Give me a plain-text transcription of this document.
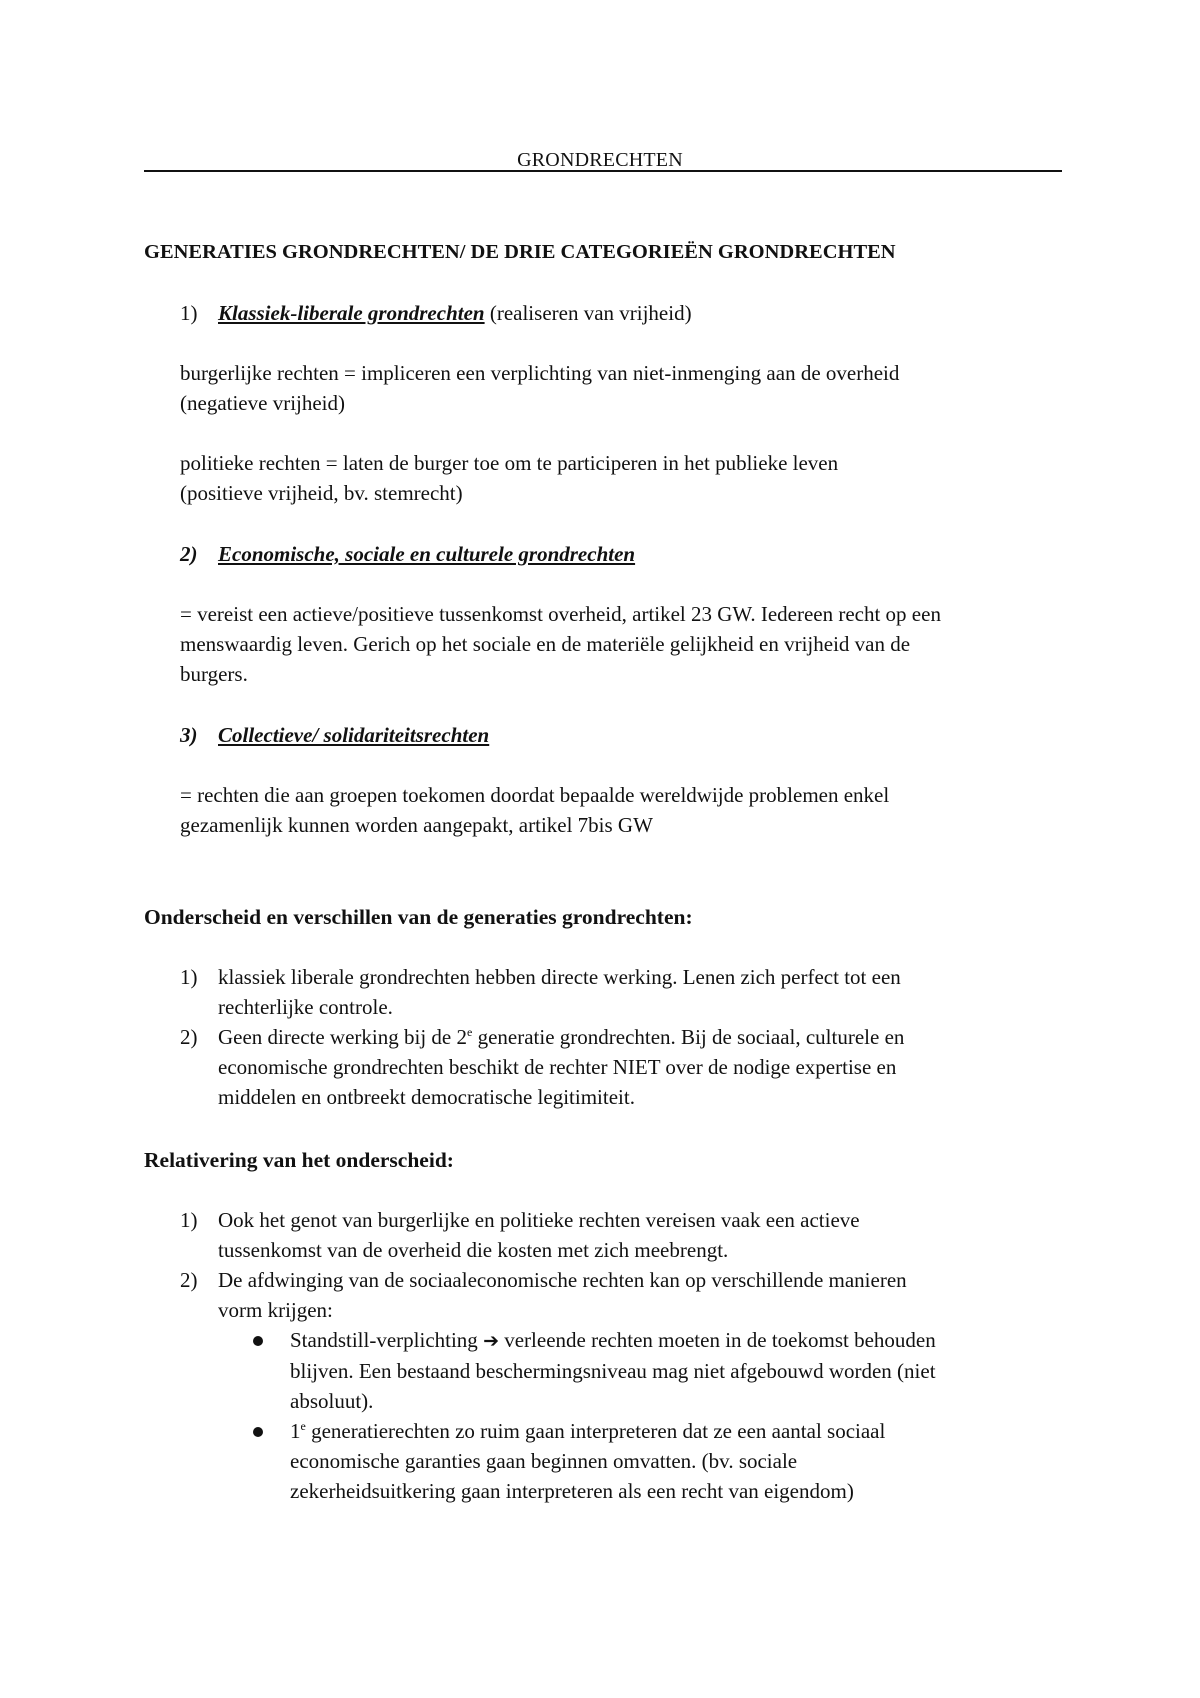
GRONDRECHTEN
GENERATIES GRONDRECHTEN/ DE DRIE CATEGORIEËN GRONDRECHTEN
1) Klassiek-liberale grondrechten (realiseren van vrijheid)
burgerlijke rechten = impliceren een verplichting van niet-inmenging aan de overheid
(negatieve vrijheid)
politieke rechten = laten de burger toe om te participeren in het publieke leven
(positieve vrijheid, bv. stemrecht)
2) Economische, sociale en culturele grondrechten
= vereist een actieve/positieve tussenkomst overheid, artikel 23 GW. Iedereen recht op een
menswaardig leven. Gerich op het sociale en de materiële gelijkheid en vrijheid van de
burgers.
3) Collectieve/ solidariteitsrechten
= rechten die aan groepen toekomen doordat bepaalde wereldwijde problemen enkel
gezamenlijk kunnen worden aangepakt, artikel 7bis GW
Onderscheid en verschillen van de generaties grondrechten:
1) klassiek liberale grondrechten hebben directe werking. Lenen zich perfect tot een
rechterlijke controle.
2) Geen directe werking bij de 2e generatie grondrechten. Bij de sociaal, culturele en
economische grondrechten beschikt de rechter NIET over de nodige expertise en
middelen en ontbreekt democratische legitimiteit.
Relativering van het onderscheid:
1) Ook het genot van burgerlijke en politieke rechten vereisen vaak een actieve
tussenkomst van de overheid die kosten met zich meebrengt.
2) De afdwinging van de sociaaleconomische rechten kan op verschillende manieren
vorm krijgen:
Standstill-verplichting ➔ verleende rechten moeten in de toekomst behouden
blijven. Een bestaand beschermingsniveau mag niet afgebouwd worden (niet
absoluut).
1e generatierechten zo ruim gaan interpreteren dat ze een aantal sociaal
economische garanties gaan beginnen omvatten. (bv. sociale
zekerheidsuitkering gaan interpreteren als een recht van eigendom)
